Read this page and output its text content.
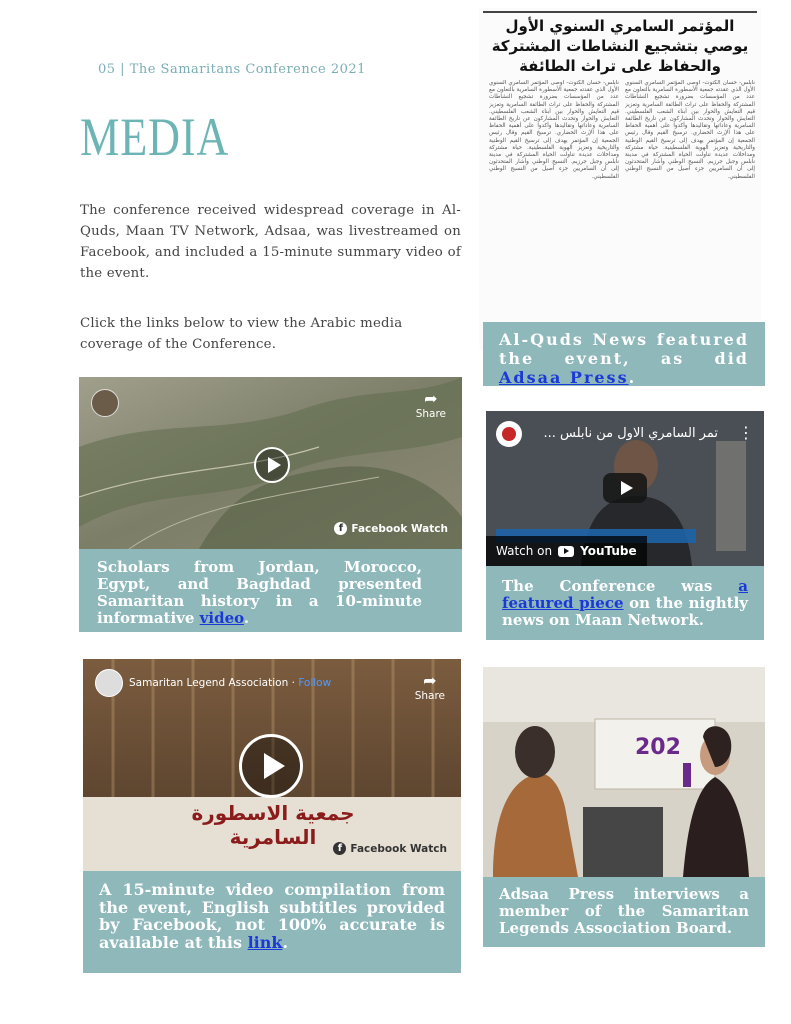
05 | The Samaritans Conference 2021
MEDIA
The conference received widespread coverage in Al-Quds, Maan TV Network, Adsaa, was livestreamed on Facebook, and included a 15-minute summary video of the event.
Click the links below to view the Arabic media coverage of the Conference.
المؤتمر السامري السنوي الأول يوصي بتشجيع النشاطات المشتركة والحفاظ على تراث الطائفة
نابلس- حسان الكتوت- أوصى المؤتمر السامري السنوي الأول الذي عقدته جمعية الأسطورة السامرية بالتعاون مع عدد من المؤسسات بضرورة تشجيع النشاطات المشتركة والحفاظ على تراث الطائفة السامرية وتعزيز قيم التعايش والحوار بين أبناء الشعب الفلسطيني. التعايش والحوار وتحدث المشاركون عن تاريخ الطائفة السامرية وعاداتها وتقاليدها وأكدوا على أهمية الحفاظ على هذا الإرث الحضاري. ترسيخ القيم وقال رئيس الجمعية إن المؤتمر يهدف إلى ترسيخ القيم الوطنية والتاريخية وتعزيز الهوية الفلسطينية. حياة مشتركة ومداخلات عديدة تناولت الحياة المشتركة في مدينة نابلس وجبل جرزيم. النسيج الوطني وأشار المتحدثون إلى أن السامريين جزء أصيل من النسيج الوطني الفلسطيني.
نابلس- حسان الكتوت- أوصى المؤتمر السامري السنوي الأول الذي عقدته جمعية الأسطورة السامرية بالتعاون مع عدد من المؤسسات بضرورة تشجيع النشاطات المشتركة والحفاظ على تراث الطائفة السامرية وتعزيز قيم التعايش والحوار بين أبناء الشعب الفلسطيني. التعايش والحوار وتحدث المشاركون عن تاريخ الطائفة السامرية وعاداتها وتقاليدها وأكدوا على أهمية الحفاظ على هذا الإرث الحضاري. ترسيخ القيم وقال رئيس الجمعية إن المؤتمر يهدف إلى ترسيخ القيم الوطنية والتاريخية وتعزيز الهوية الفلسطينية. حياة مشتركة ومداخلات عديدة تناولت الحياة المشتركة في مدينة نابلس وجبل جرزيم. النسيج الوطني وأشار المتحدثون إلى أن السامريين جزء أصيل من النسيج الوطني الفلسطيني.
Al-Quds News featured the event, as did Adsaa Press.
➦
Share
f Facebook Watch
Scholars from Jordan, Morocco, Egypt, and Baghdad presented Samaritan history in a 10-minute informative video.
تمر السامري الاول من نابلس ... ⋮
Watch on YouTube
The Conference was a featured piece on the nightly news on Maan Network.
جمعية الاسطورة السامرية
Samaritan Legend Association · Follow	➦
Share
f Facebook Watch
A 15-minute video compilation from the event, English subtitles provided by Facebook, not 100% accurate is available at this link.
202
Adsaa Press interviews a member of the Samaritan Legends Association Board.
